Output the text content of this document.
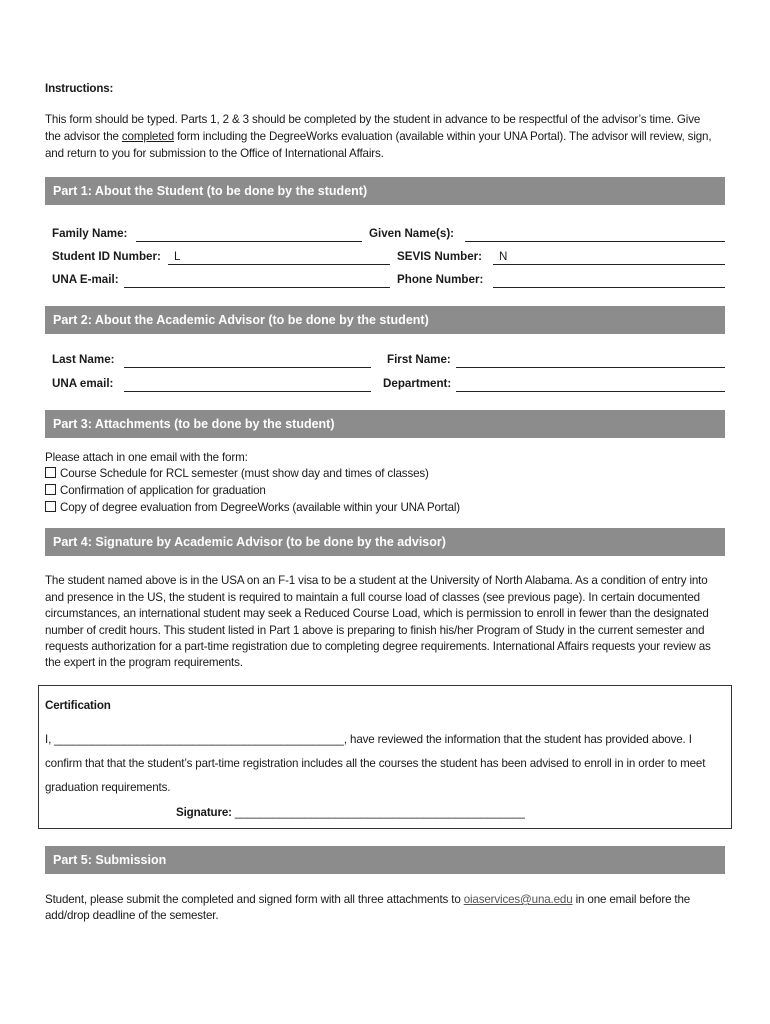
Instructions:
This form should be typed. Parts 1, 2 & 3 should be completed by the student in advance to be respectful of the advisor’s time. Give
the advisor the completed form including the DegreeWorks evaluation (available within your UNA Portal). The advisor will review, sign,
and return to you for submission to the Office of International Affairs.
Part 1: About the Student (to be done by the student)
Family Name:	Given Name(s):
Student ID Number:	L	SEVIS Number:	N
UNA E-mail:	Phone Number:
Part 2: About the Academic Advisor (to be done by the student)
Last Name:	First Name:
UNA email:	Department:
Part 3: Attachments (to be done by the student)
Please attach in one email with the form:
Course Schedule for RCL semester (must show day and times of classes)
Confirmation of application for graduation
Copy of degree evaluation from DegreeWorks (available within your UNA Portal)
Part 4: Signature by Academic Advisor (to be done by the advisor)
The student named above is in the USA on an F-1 visa to be a student at the University of North Alabama. As a condition of entry into
and presence in the US, the student is required to maintain a full course load of classes (see previous page). In certain documented
circumstances, an international student may seek a Reduced Course Load, which is permission to enroll in fewer than the designated
number of credit hours. This student listed in Part 1 above is preparing to finish his/her Program of Study in the current semester and
requests authorization for a part-time registration due to completing degree requirements. International Affairs requests your review as
the expert in the program requirements.
Certification
I, ______________________________________________, have reviewed the information that the student has provided above. I
confirm that that the student’s part-time registration includes all the courses the student has been advised to enroll in in order to meet
graduation requirements.
Signature: ______________________________________________
Part 5: Submission
Student, please submit the completed and signed form with all three attachments to oiaservices@una.edu in one email before the
add/drop deadline of the semester.
